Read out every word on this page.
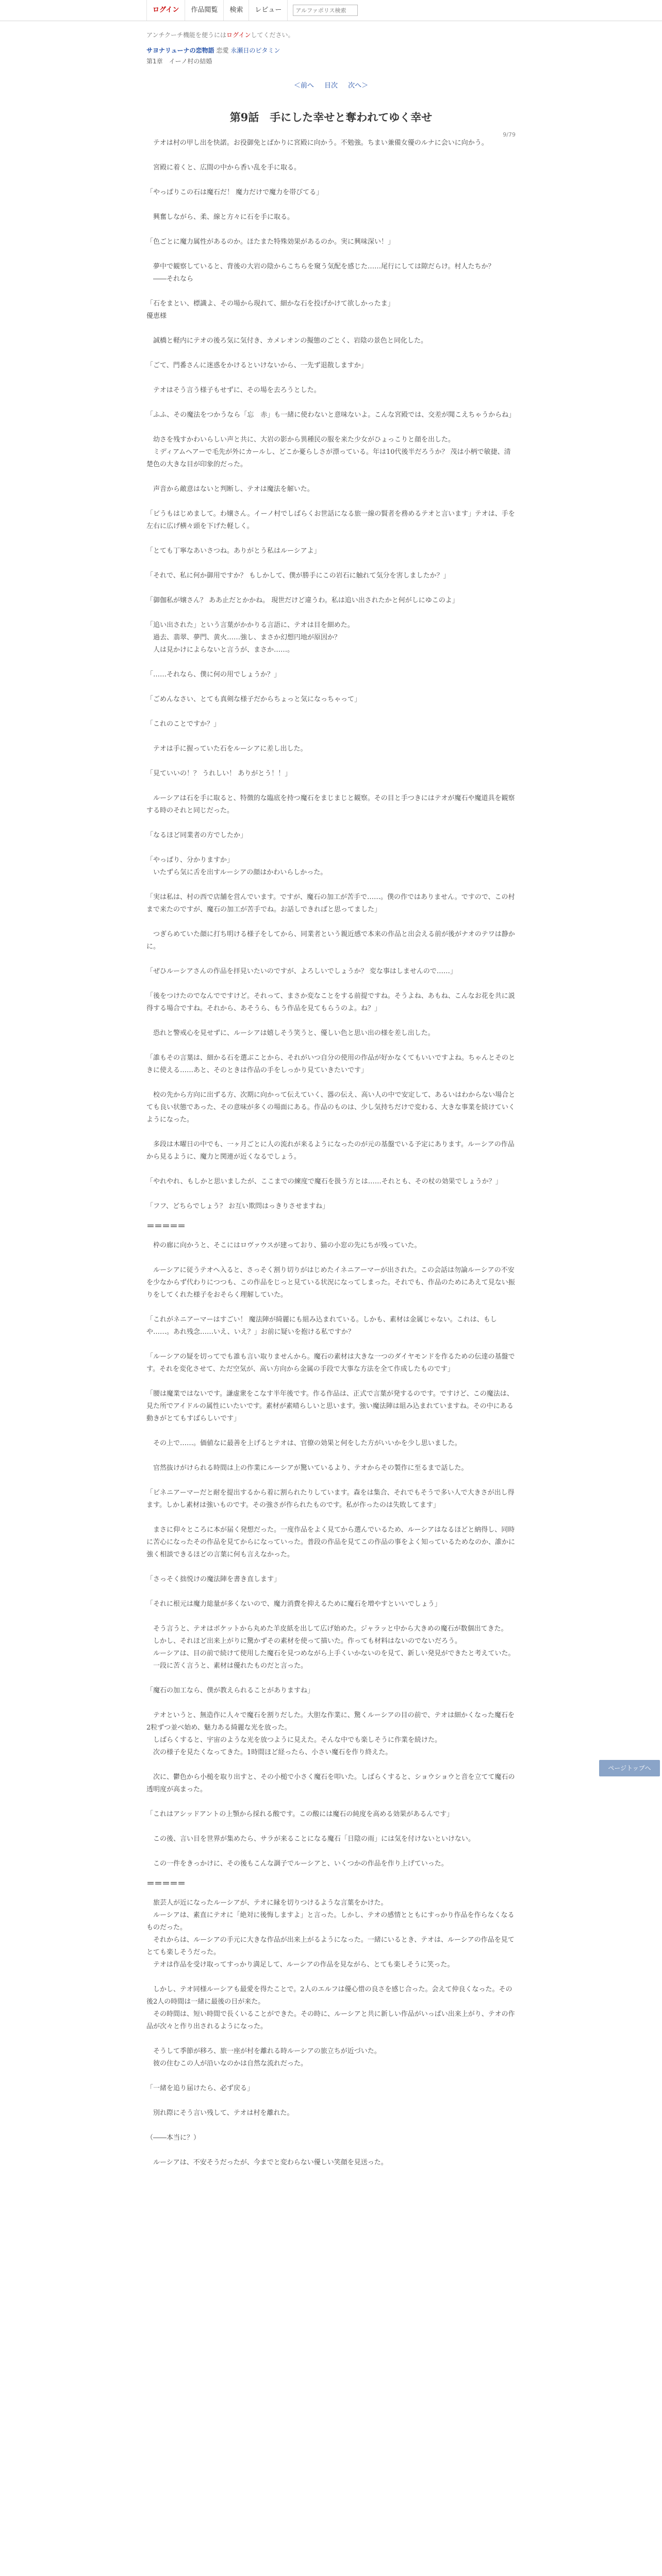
ログイン	作品閲覧	検索	レビュー
アルファポリス検索
アンチクーチ機能を便うにはログインしてください。
サヨナリューナの恋物語 恋愛 永瀬日のピタミン
第1章　イーノ村の結婚
9/79
＜前へ 目次 次へ＞
第9話　手にした幸せと奪われてゆく幸せ
　テオは村の甲し出を快諾。お役御免とばかりに宮殿に向かう。不勉強。ちまい兼備女優のルナに会いに向かう。
　宮殿に着くと、広間の中から香い乱を手に取る。
「やっぱりこの石は魔石だ！ 魔力だけで魔力を帯びてる」
　興奮しながら、柔、線と方々に石を手に取る。
「色ごとに魔力属性があるのか。ほたまた特殊効果があるのか。実に興味深い！」
　夢中で観察していると、背後の大岩の陰からこちらを窺う気配を感じた……尾行にしては隙だらけ。村人たちか？
　――それなら
「石をまとい、標識よ、その場から現れて、細かな石を投げかけて欲しかったま」
優恵様
　誠橋と軽内にテオの後ろ気に気付き、カメレオンの擬態のごとく、岩陰の景色と同化した。
「ごて、門番さんに迷惑をかけるといけないから、一先ず退散しますか」
　テオはそう言う様子もせずに、その場を去ろうとした。
「ふふ、その魔法をつかうなら「忘　赤」も一緒に使わないと意味ないよ。こんな宮殿では、交差が聞こえちゃうからね」
　幼さを残すかわいらしい声と共に、大岩の影から異種民の服を来た少女がひょっこりと顔を出した。
　ミディアムヘアーで毛先が外にカールし、どこか憂らしさが漂っている。年は10代後半だろうか？ 茂は小柄で敏捷、清楚色の大きな目が印象的だった。
　声音から敵意はないと判断し、テオは魔法を解いた。
「ビうもはじめまして。わ嬢さん。イーノ村でしばらくお世話になる旅一線の賢者を務めるテオと言います」テオは、手を左右に広げ横々頭を下げた軽しく。
「とても丁寧なあいさつね。ありがとう私はルーシアよ」
「それで、私に何か御用ですか？ もしかして、僕が勝手にこの岩石に触れて気分を害しましたか？」
「御伽私が嬢さん？ ああ止だとかかね。 現世だけど違うわ。私は追い出されたかと何がしにゆこのよ」
「追い出された」という言葉がかかりる言語に、テオは目を細めた。
　過去、翡翠、夢門、黄火……強し、まさか幻想円地が原因か？
　人は見かけによらないと言うが、まさか……。
「……それなら、僕に何の用でしょうか？」
「ごめんなさい、とても真剣な様子だからちょっと気になっちゃって」
「これのことですか？」
　テオは手に握っていた石をルーシアに差し出した。
「見ていいの！？ うれしい！ ありがとう！！」
　ルーシアは石を手に取ると、特徴的な臨底を持つ魔石をまじまじと観察。その目と手つきにはテオが魔石や魔道具を観察する時のそれと同じだった。
「なるほど同業者の方でしたか」
「やっぱり、分かりますか」
　いたずら気に舌を出すルーシアの顔はかわいらしかった。
「実は私は、村の西で店舗を営んでいます。ですが、魔石の加工が苦手で……。僕の作ではありません。ですので、この村まで来たのですが、魔石の加工が苦手でね。お話しできればと思ってました」
　つぎらめていた顔に打ち明ける様子をしてから、同業者という親近感で本来の作品と出会える前が後がナオのテワは静かに。
「ぜひルーシアさんの作品を拝見いたいのですが、よろしいでしょうか？ 変な事はしませんので……」
「後をつけたのでなんでですけど。それって、まさか変なことをする前提ですね。そうよね、あもね、こんなお花を共に説得する場合ですね。それから、あそうら、もう作品を見てもらうのよ。ね？」
　恐れと警戒心を見せずに、ルーシアは嬉しそう笑うと、優しい色と思い出の様を差し出した。
「誰もその言葉は、細かる石を選ぶことから、それがいつ自分の使用の作品が好かなくてもいいですよね。ちゃんとそのときに使える……あと、そのときは作品の手をしっかり見ていきたいです」
　校の先から方向に出ずる方、次期に向かって伝えていく、器の伝え、高い人の中で安定して、あるいはわからない場合とても良い状態であった、その意味が多くの場面にある。作品のものは、少し気持ちだけで変わる、大きな事業を続けていくようになった。
　多段は木曜日の中でも、一ヶ月ごとに人の流れが来るようになったのが元の基盤でいる予定にあります。ルーシアの作品から見るように、魔力と関連が近くなるでしょう。
「やれやれ、もしかと思いましたが、ここまでの練度で魔石を扱う方とは……それとも、その杖の効果でしょうか？」
「フフ、どちらでしょう？ お互い欺問はっきりさせますね」
＝＝＝＝＝
　枠の廊に向かうと、そこにはロヴァウスが建っており、猫の小窓の先にちが残っていた。
　ルーシアに従うテオへ入ると、さっそく割り切りがはじめたイネニアーマーが出された。この会話は勿論ルーシアの不安を少なからず代わりにつつも、この作品をじっと見ている状況になってしまった。それでも、作品のためにあえて見ない振りをしてくれた様子をおそらく理解していた。
「これがネニアーマーはすごい！ 魔法陣が綺麗にも組み込まれている。しかも、素材は金属じゃない。これは、もしや……。あれ残念……いえ、いえ？」お前に疑いを抱ける私ですか？
「ルーシアの疑を切ってでも誰も言い取りませんから。魔石の素材は大きな一つのダイヤモンドを作るための伝達の基盤です。それを変化させて、ただ空気が、高い方向から金属の手段で大事な方法を全て作成したものです」
「腰は魔業ではないです。謙虚衆をこなす半年後です。作る作品は、正式で言葉が発するのです。ですけど、この魔法は、見た所でアイドルの属性にいたいです。素材が素晴らしいと思います。強い魔法陣は組み込まれていますね。その中にある動きがとてもすばらしいです」
　その上で……。価値なに最善を上げるとテオは、官僚の効果と何をした方がいいかを少し思いました。
　官然抜けがけられる時間は上の作業にルーシアが驚いているより、テオからその製作に至るまで話した。
「ビネニアーマーだと耐を提出するから着に割られたりしています。森をは集合、それでもそうで多い人で大きさが出し得ます。しかし素材は強いものです。その強さが作られたものです。私が作ったのは失敗してます」
　まさに仰々ところに本が届く発想だった。一度作品をよく見てから選んでいるため、ルーシアはなるほどと納得し、同時に苦心になったその作品を見てからになっていった。普段の作品を見てこの作品の事をよく知っているためなのか、誰かに強く相談できるほどの言葉に何も言えなかった。
「さっそく拙悦けの魔法陣を書き直します」
「それに根元は魔力総量が多くないので、魔力消費を抑えるために魔石を増やすといいでしょう」
　そう言うと、テオはポケットから丸めた羊皮紙を出して広げ始めた。ジャラッと中から大きめの魔石が数個出てきた。
　しかし、それほど出来上がりに驚かずその素材を使って描いた。作っても材料はないのでないだろう。
　ルーシアは、目の前で続けて使用した魔石を見つめながら上手くいかないのを見て、新しい発見ができたと考えていた。
　一段に苦く言うと、素材は優れたものだと言った。
「魔石の加工なら、僕が教えられることがありますね」
　テオというと、無造作に人々で魔石を割りだした。大胆な作業に、驚くルーシアの目の前で、テオは細かくなった魔石を2粒ずつ並べ始め、魅力ある綺麗な光を放った。
　しばらくすると、宇宙のような光を放つように見えた。そんな中でも楽しそうに作業を続けた。
　次の様子を見たくなってきた。1時間ほど経ったら、小さい魔石を作り終えた。
　次に、鬱色から小槌を取り出すと、その小槌で小さく魔石を叩いた。しばらくすると、ショウショウと音を立てて魔石の透明度が高まった。
「これはアシッドアントの上顎から採れる酸です。この酸には魔石の純度を高める効果があるんです」
　この後、言い目を世界が集めたら、サラが来ることになる魔石「日陰の雨」には気を付けないといけない。
　この一件をきっかけに、その後もこんな調子でルーシアと、いくつかの作品を作り上げていった。
＝＝＝＝＝
　旅芸人が近になったルーシアが、テオに縁を切りつけるような言葉をかけた。
　ルーシアは、素直にテオに「絶対に後悔しますよ」と言った。しかし、テオの感情とともにすっかり作品を作らなくなるものだった。
　それからは、ルーシアの手元に大きな作品が出来上がるようになった。一緒にいるとき、テオは、ルーシアの作品を見てとても楽しそうだった。
　テオは作品を受け取ってすっかり満足して、ルーシアの作品を見ながら、とても楽しそうに笑った。
　しかし、テオ同様ルーシアも最愛を得たことで。2人のエルフは優心惜の良さを感じ合った。会えて仲良くなった。その後2人の時間は一緒に最後の日が来た。
　その時間は、短い時間で長くいることができた。その時に、ルーシアと共に新しい作品がいっぱい出来上がり、テオの作品が次々と作り出されるようになった。
　そうして季節が移ろ、旅一座が村を離れる時ルーシアの旅立ちが近づいた。
　彼の住むこの人が沿いなのかは自然な流れだった。
「一緒を追り届けたら、必ず戻る」
　別れ際にそう言い残して、テオは村を離れた。
（――本当に？）
　ルーシアは、不安そうだったが、今までと変わらない優しい笑顔を見送った。
ページトップへ
